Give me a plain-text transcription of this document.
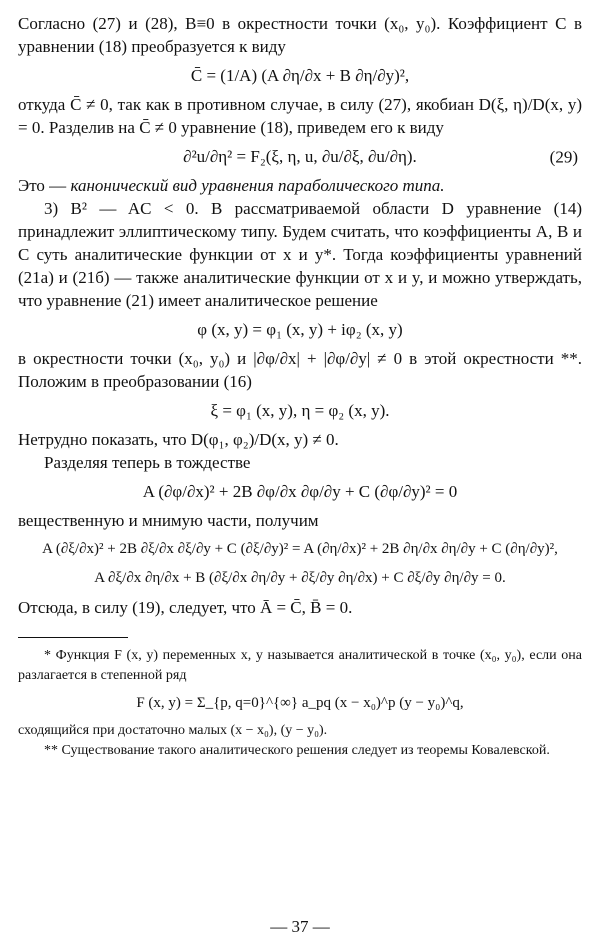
Согласно (27) и (28), B≡0 в окрестности точки (x₀, y₀). Коэффициент C в уравнении (18) преобразуется к виду

C̄ = (1/A) (A ∂η/∂x + B ∂η/∂y)²,

откуда C̄ ≠ 0, так как в противном случае, в силу (27), якобиан D(ξ, η)/D(x, y) = 0. Разделив на C̄ ≠ 0 уравнение (18), приведем его к виду

∂²u/∂η² = F₂(ξ, η, u, ∂u/∂ξ, ∂u/∂η).	(29)

Это — канонический вид уравнения параболического типа.

3) B² — AC < 0. В рассматриваемой области D уравнение (14) принадлежит эллиптическому типу. Будем считать, что коэффициенты A, B и C суть аналитические функции от x и y*. Тогда коэффициенты уравнений (21а) и (21б) — также аналитические функции от x и y, и можно утверждать, что уравнение (21) имеет аналитическое решение

φ (x, y) = φ₁ (x, y) + iφ₂ (x, y)

в окрестности точки (x₀, y₀) и |∂φ/∂x| + |∂φ/∂y| ≠ 0 в этой окрестности **. Положим в преобразовании (16)

ξ = φ₁ (x, y), η = φ₂ (x, y).

Нетрудно показать, что D(φ₁, φ₂)/D(x, y) ≠ 0.

Разделяя теперь в тождестве

A (∂φ/∂x)² + 2B ∂φ/∂x ∂φ/∂y + C (∂φ/∂y)² = 0

вещественную и мнимую части, получим

A (∂ξ/∂x)² + 2B ∂ξ/∂x ∂ξ/∂y + C (∂ξ/∂y)² = A (∂η/∂x)² + 2B ∂η/∂x ∂η/∂y + C (∂η/∂y)²,
A ∂ξ/∂x ∂η/∂x + B (∂ξ/∂x ∂η/∂y + ∂ξ/∂y ∂η/∂x) + C ∂ξ/∂y ∂η/∂y = 0.

Отсюда, в силу (19), следует, что Ā = C̄, B̄ = 0.

* Функция F (x, y) переменных x, y называется аналитической в точке (x₀, y₀), если она разлагается в степенной ряд

F (x, y) = Σ_{p, q=0}^{∞} a_pq (x − x₀)^p (y − y₀)^q,

сходящийся при достаточно малых (x − x₀), (y − y₀).

** Существование такого аналитического решения следует из теоремы Ковалевской.

— 37 —
